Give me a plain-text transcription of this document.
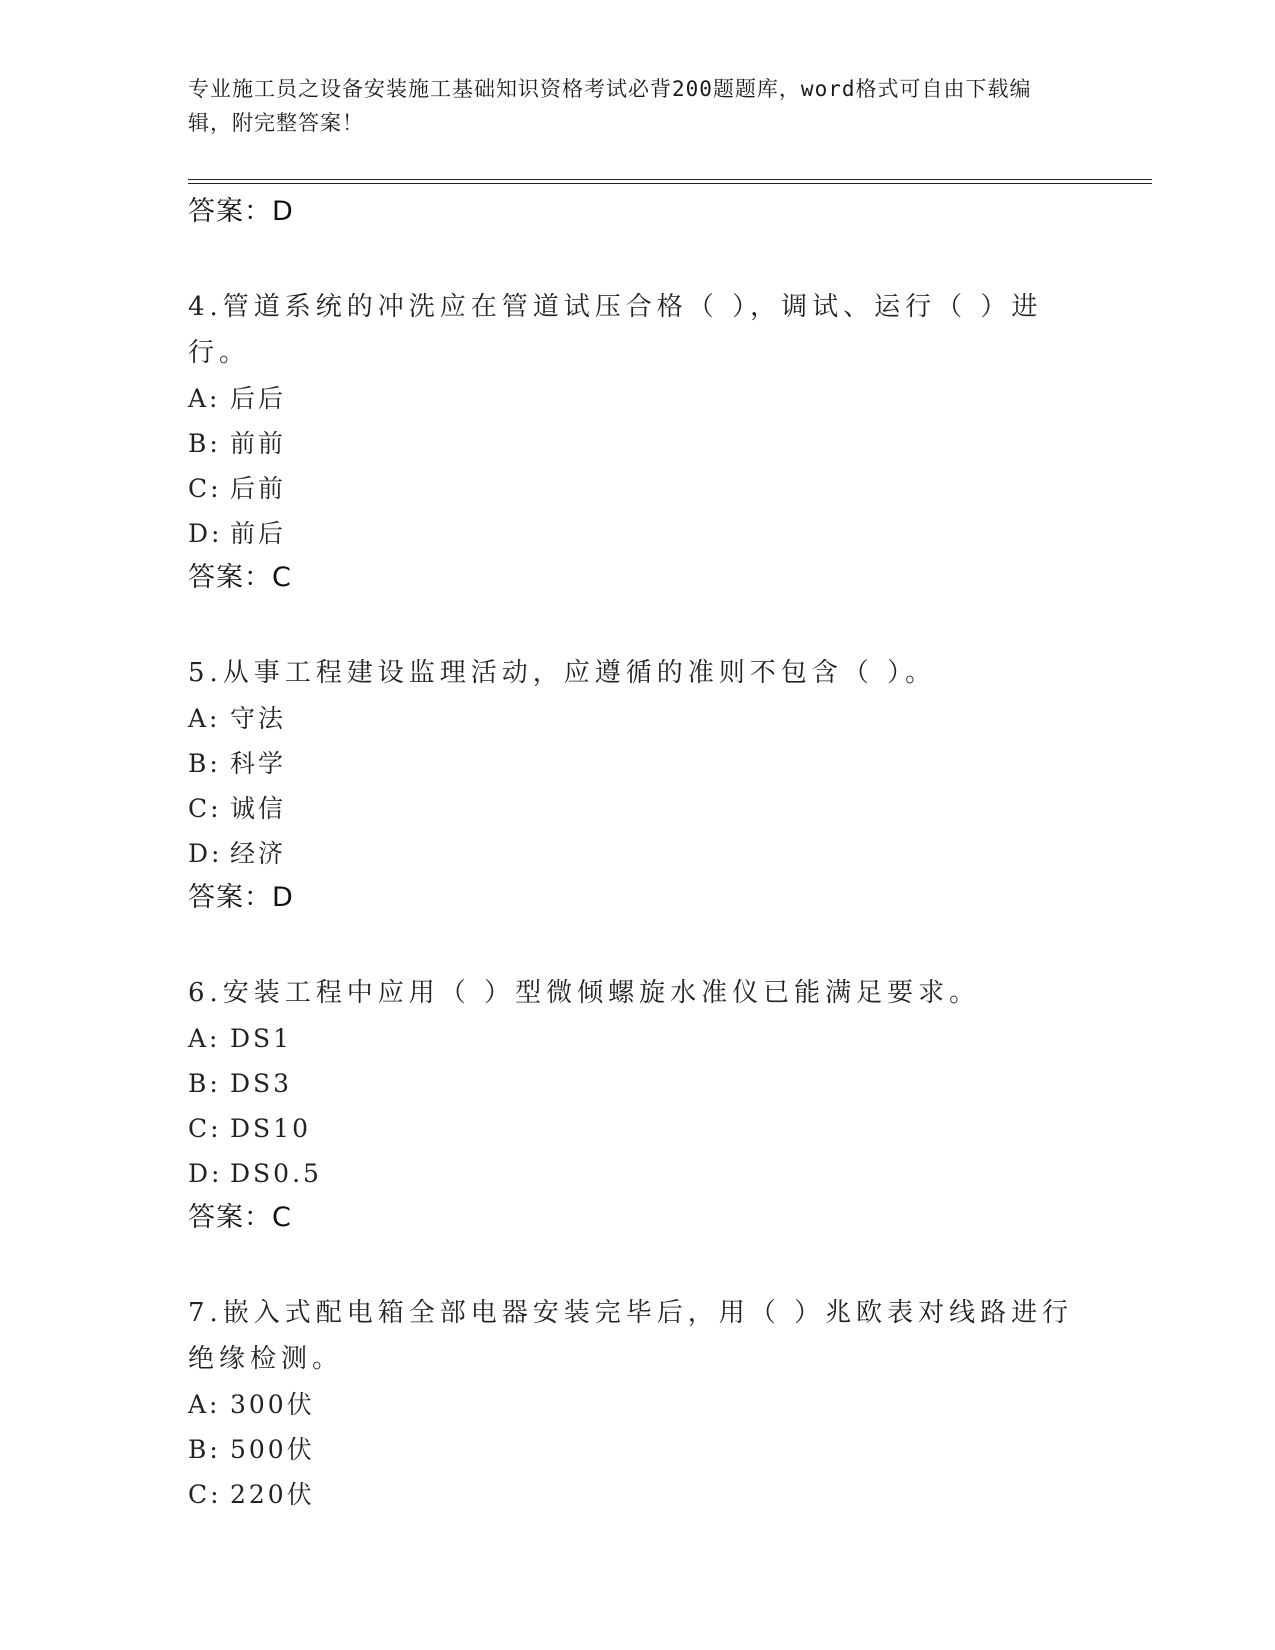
专业施工员之设备安装施工基础知识资格考试必背200题题库，word格式可自由下载编辑，附完整答案！
答案：D
4.管道系统的冲洗应在管道试压合格（ ），调试、运行（ ）进行。
A: 后后
B: 前前
C: 后前
D: 前后
答案：C
5.从事工程建设监理活动，应遵循的准则不包含（ ）。
A: 守法
B: 科学
C: 诚信
D: 经济
答案：D
6.安装工程中应用（ ）型微倾螺旋水准仪已能满足要求。
A: DS1
B: DS3
C: DS10
D: DS0.5
答案：C
7.嵌入式配电箱全部电器安装完毕后，用（ ）兆欧表对线路进行绝缘检测。
A: 300伏
B: 500伏
C: 220伏
